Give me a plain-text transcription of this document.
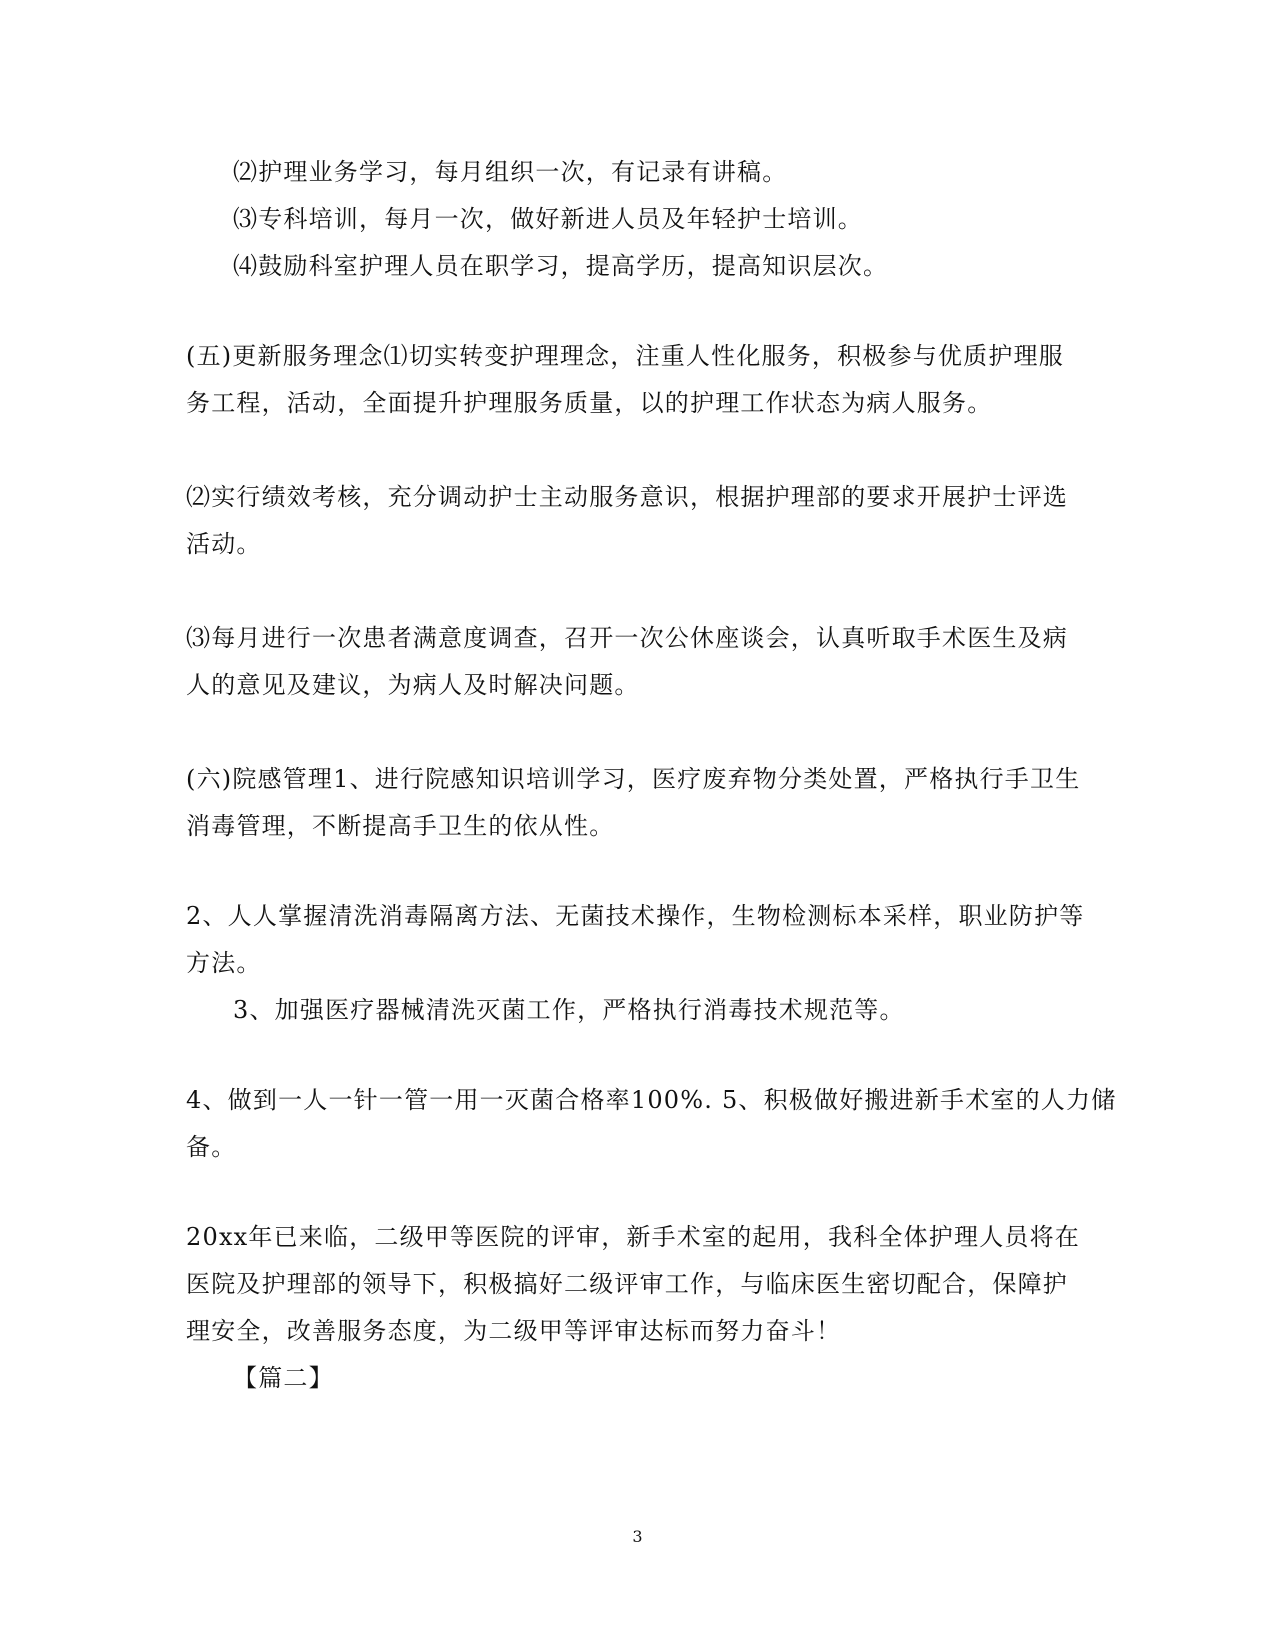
⑵护理业务学习，每月组织一次，有记录有讲稿。
⑶专科培训，每月一次，做好新进人员及年轻护士培训。
⑷鼓励科室护理人员在职学习，提高学历，提高知识层次。
(五)更新服务理念⑴切实转变护理理念，注重人性化服务，积极参与优质护理服
务工程，活动，全面提升护理服务质量，以的护理工作状态为病人服务。
⑵实行绩效考核，充分调动护士主动服务意识，根据护理部的要求开展护士评选
活动。
⑶每月进行一次患者满意度调查，召开一次公休座谈会，认真听取手术医生及病
人的意见及建议，为病人及时解决问题。
(六)院感管理1、进行院感知识培训学习，医疗废弃物分类处置，严格执行手卫生
消毒管理，不断提高手卫生的依从性。
2、人人掌握清洗消毒隔离方法、无菌技术操作，生物检测标本采样，职业防护等
方法。
3、加强医疗器械清洗灭菌工作，严格执行消毒技术规范等。
4、做到一人一针一管一用一灭菌合格率100%. 5、积极做好搬进新手术室的人力储
备。
20xx年已来临，二级甲等医院的评审，新手术室的起用，我科全体护理人员将在
医院及护理部的领导下，积极搞好二级评审工作，与临床医生密切配合，保障护
理安全，改善服务态度，为二级甲等评审达标而努力奋斗！
【篇二】
3
